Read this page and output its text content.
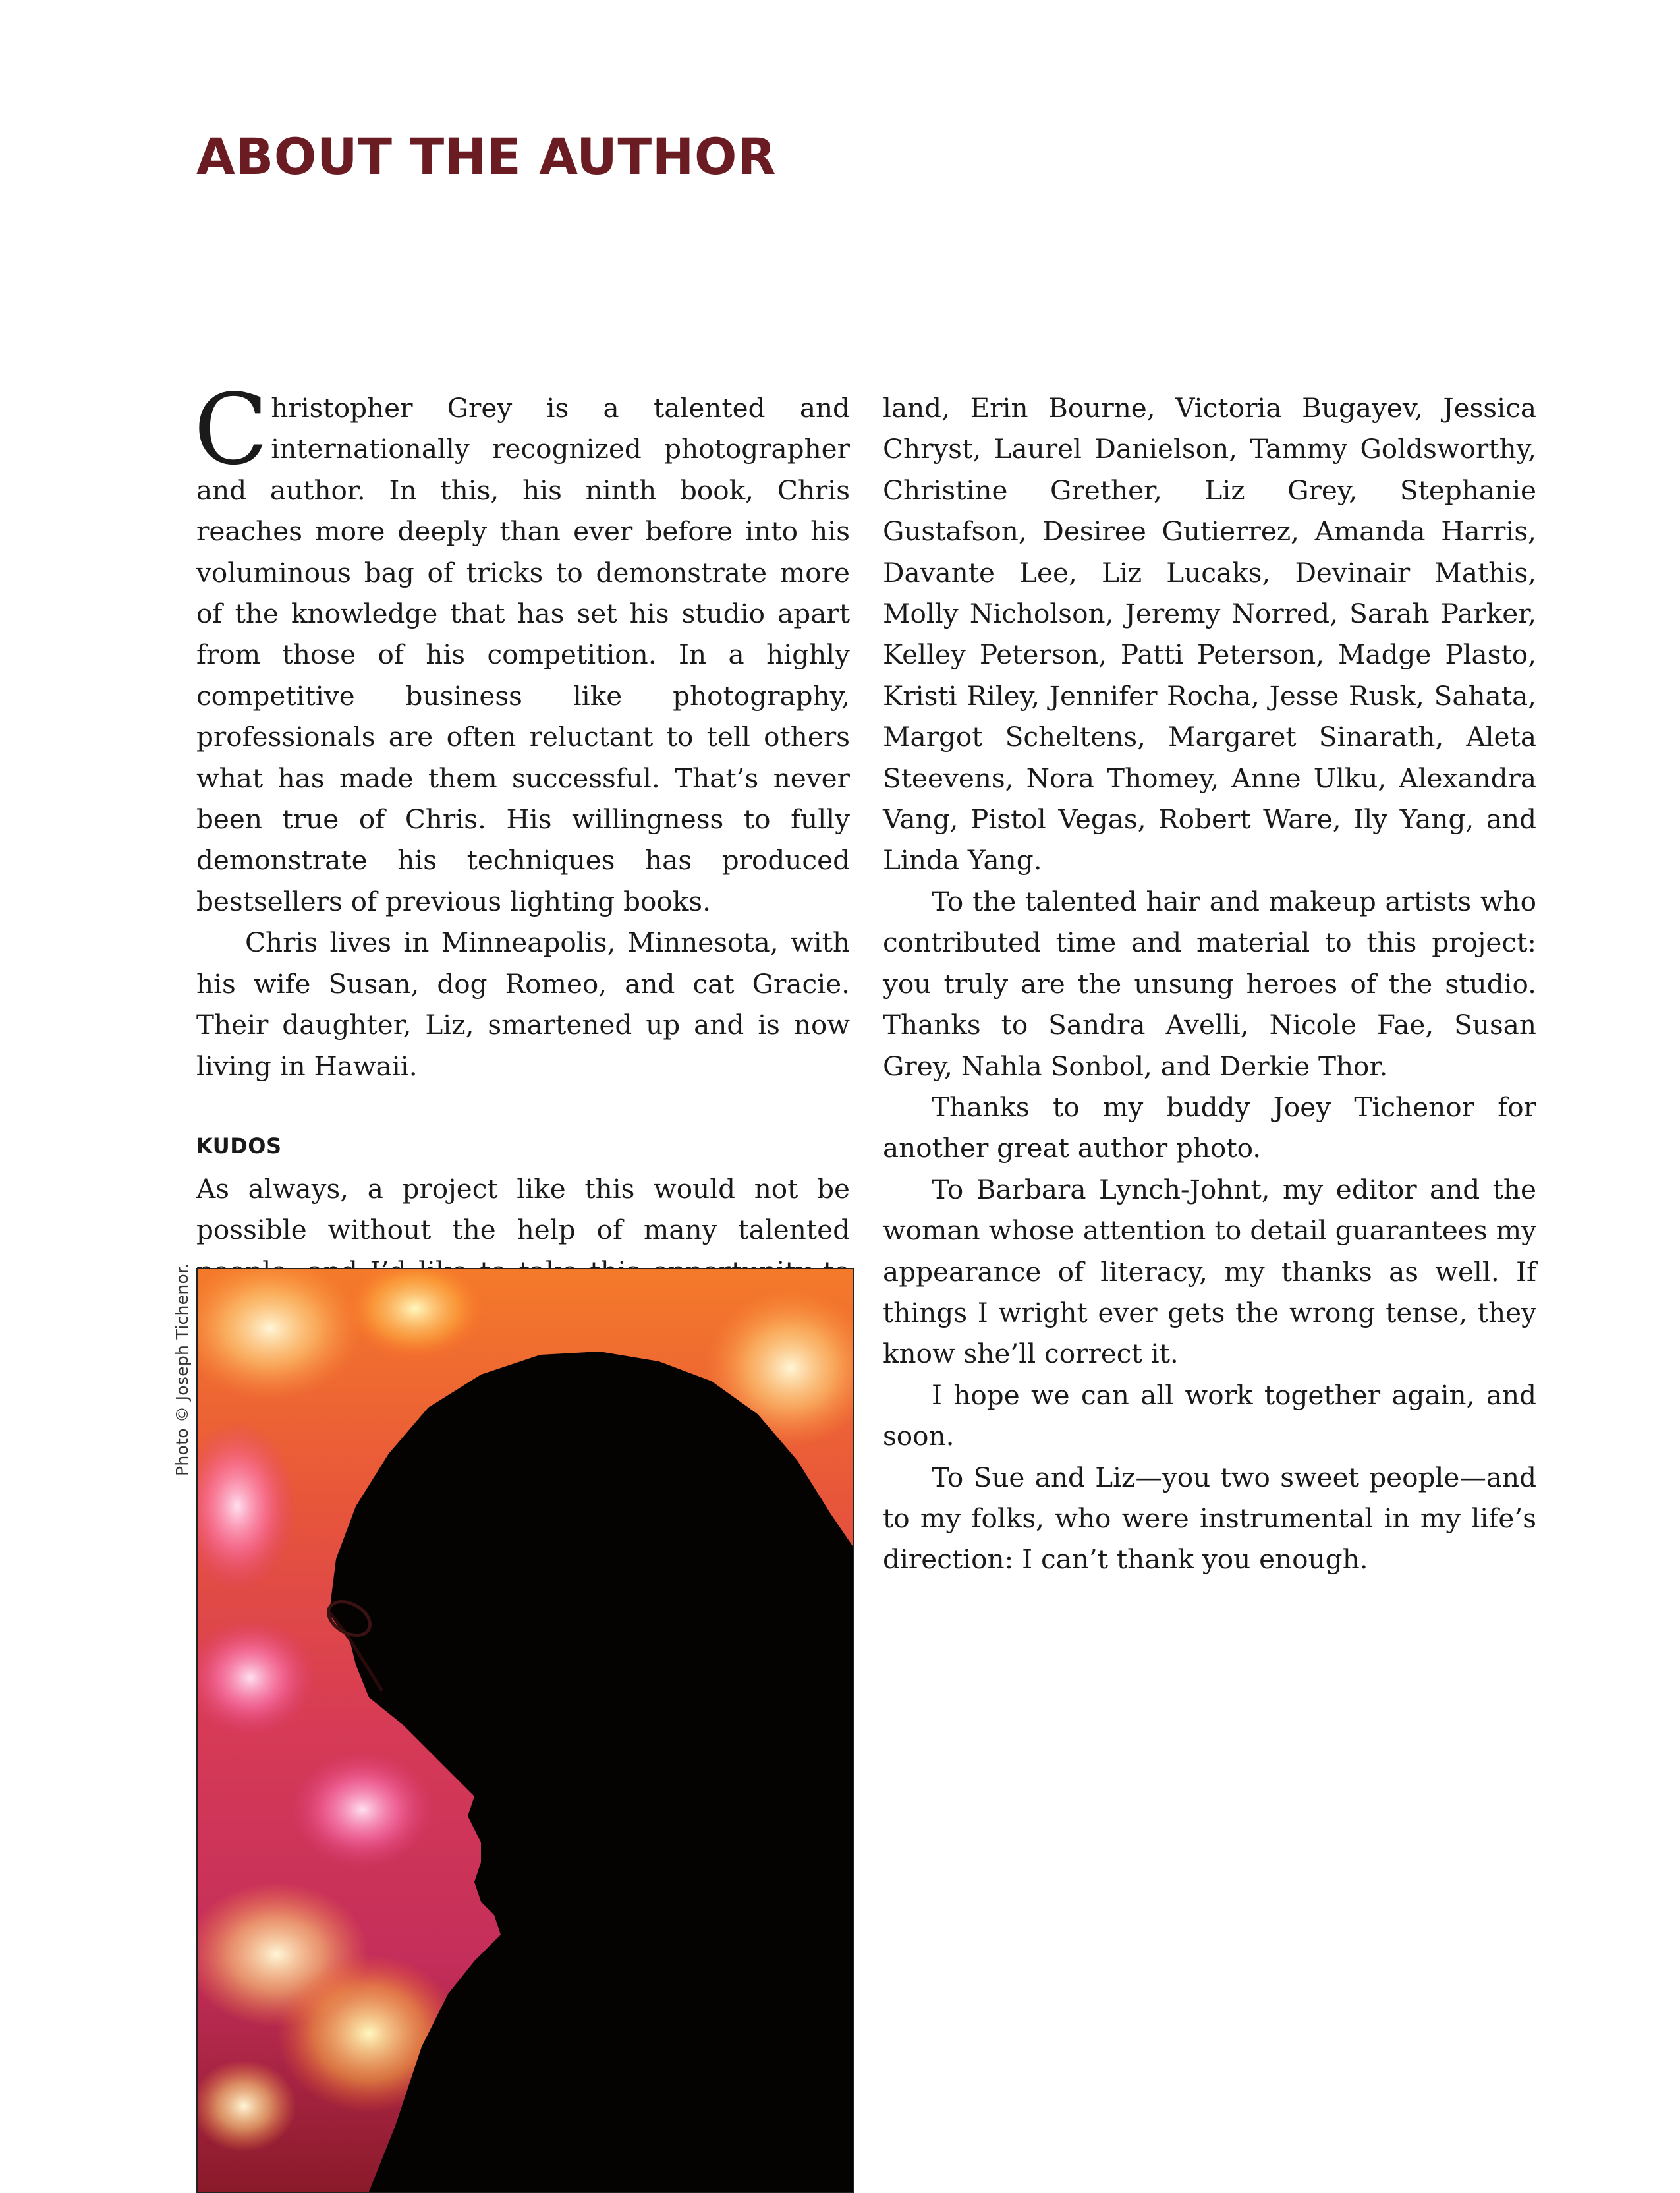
ABOUT THE AUTHOR

Christopher Grey is a talented and internationally recognized photographer and author. In this, his ninth book, Chris reaches more deeply than ever before into his voluminous bag of tricks to demonstrate more of the knowledge that has set his studio apart from those of his competition. In a highly competitive business like photography, professionals are often reluctant to tell others what has made them successful. That’s never been true of Chris. His willingness to fully demonstrate his techniques has produced bestsellers of previous lighting books.

Chris lives in Minneapolis, Minnesota, with his wife Susan, dog Romeo, and cat Gracie. Their daughter, Liz, smartened up and is now living in Hawaii.

KUDOS

As always, a project like this would not be possible without the help of many talented

land, Erin Bourne, Victoria Bugayev, Jessica Chryst, Laurel Danielson, Tammy Goldsworthy, Christine Grether, Liz Grey, Stephanie Gustafson, Desiree Gutierrez, Amanda Harris, Davante Lee, Liz Lucaks, Devinair Mathis, Molly Nicholson, Jeremy Norred, Sarah Parker, Kelley Peterson, Patti Peterson, Madge Plasto, Kristi Riley, Jennifer Rocha, Jesse Rusk, Sahata, Margot Scheltens, Margaret Sinarath, Aleta Steevens, Nora Thomey, Anne Ulku, Alexandra Vang, Pistol Vegas, Robert Ware, Ily Yang, and Linda Yang.

To the talented hair and makeup artists who contributed time and material to this project: you truly are the unsung heroes of the studio. Thanks to Sandra Avelli, Nicole Fae, Susan Grey, Nahla Sonbol, and Derkie Thor.

Thanks to my buddy Joey Tichenor for another great author photo.

To Barbara Lynch-Johnt, my editor and the woman whose attention to detail guarantees my appearance of literacy, my thanks as well. If things I wright ever gets the wrong tense, they know she’ll correct it.

I hope we can all work together again, and soon.

To Sue and Liz—you two sweet people—and to my folks, who were instrumental in my life’s direction: I can’t thank you enough.

Photo © Joseph Tichenor.
